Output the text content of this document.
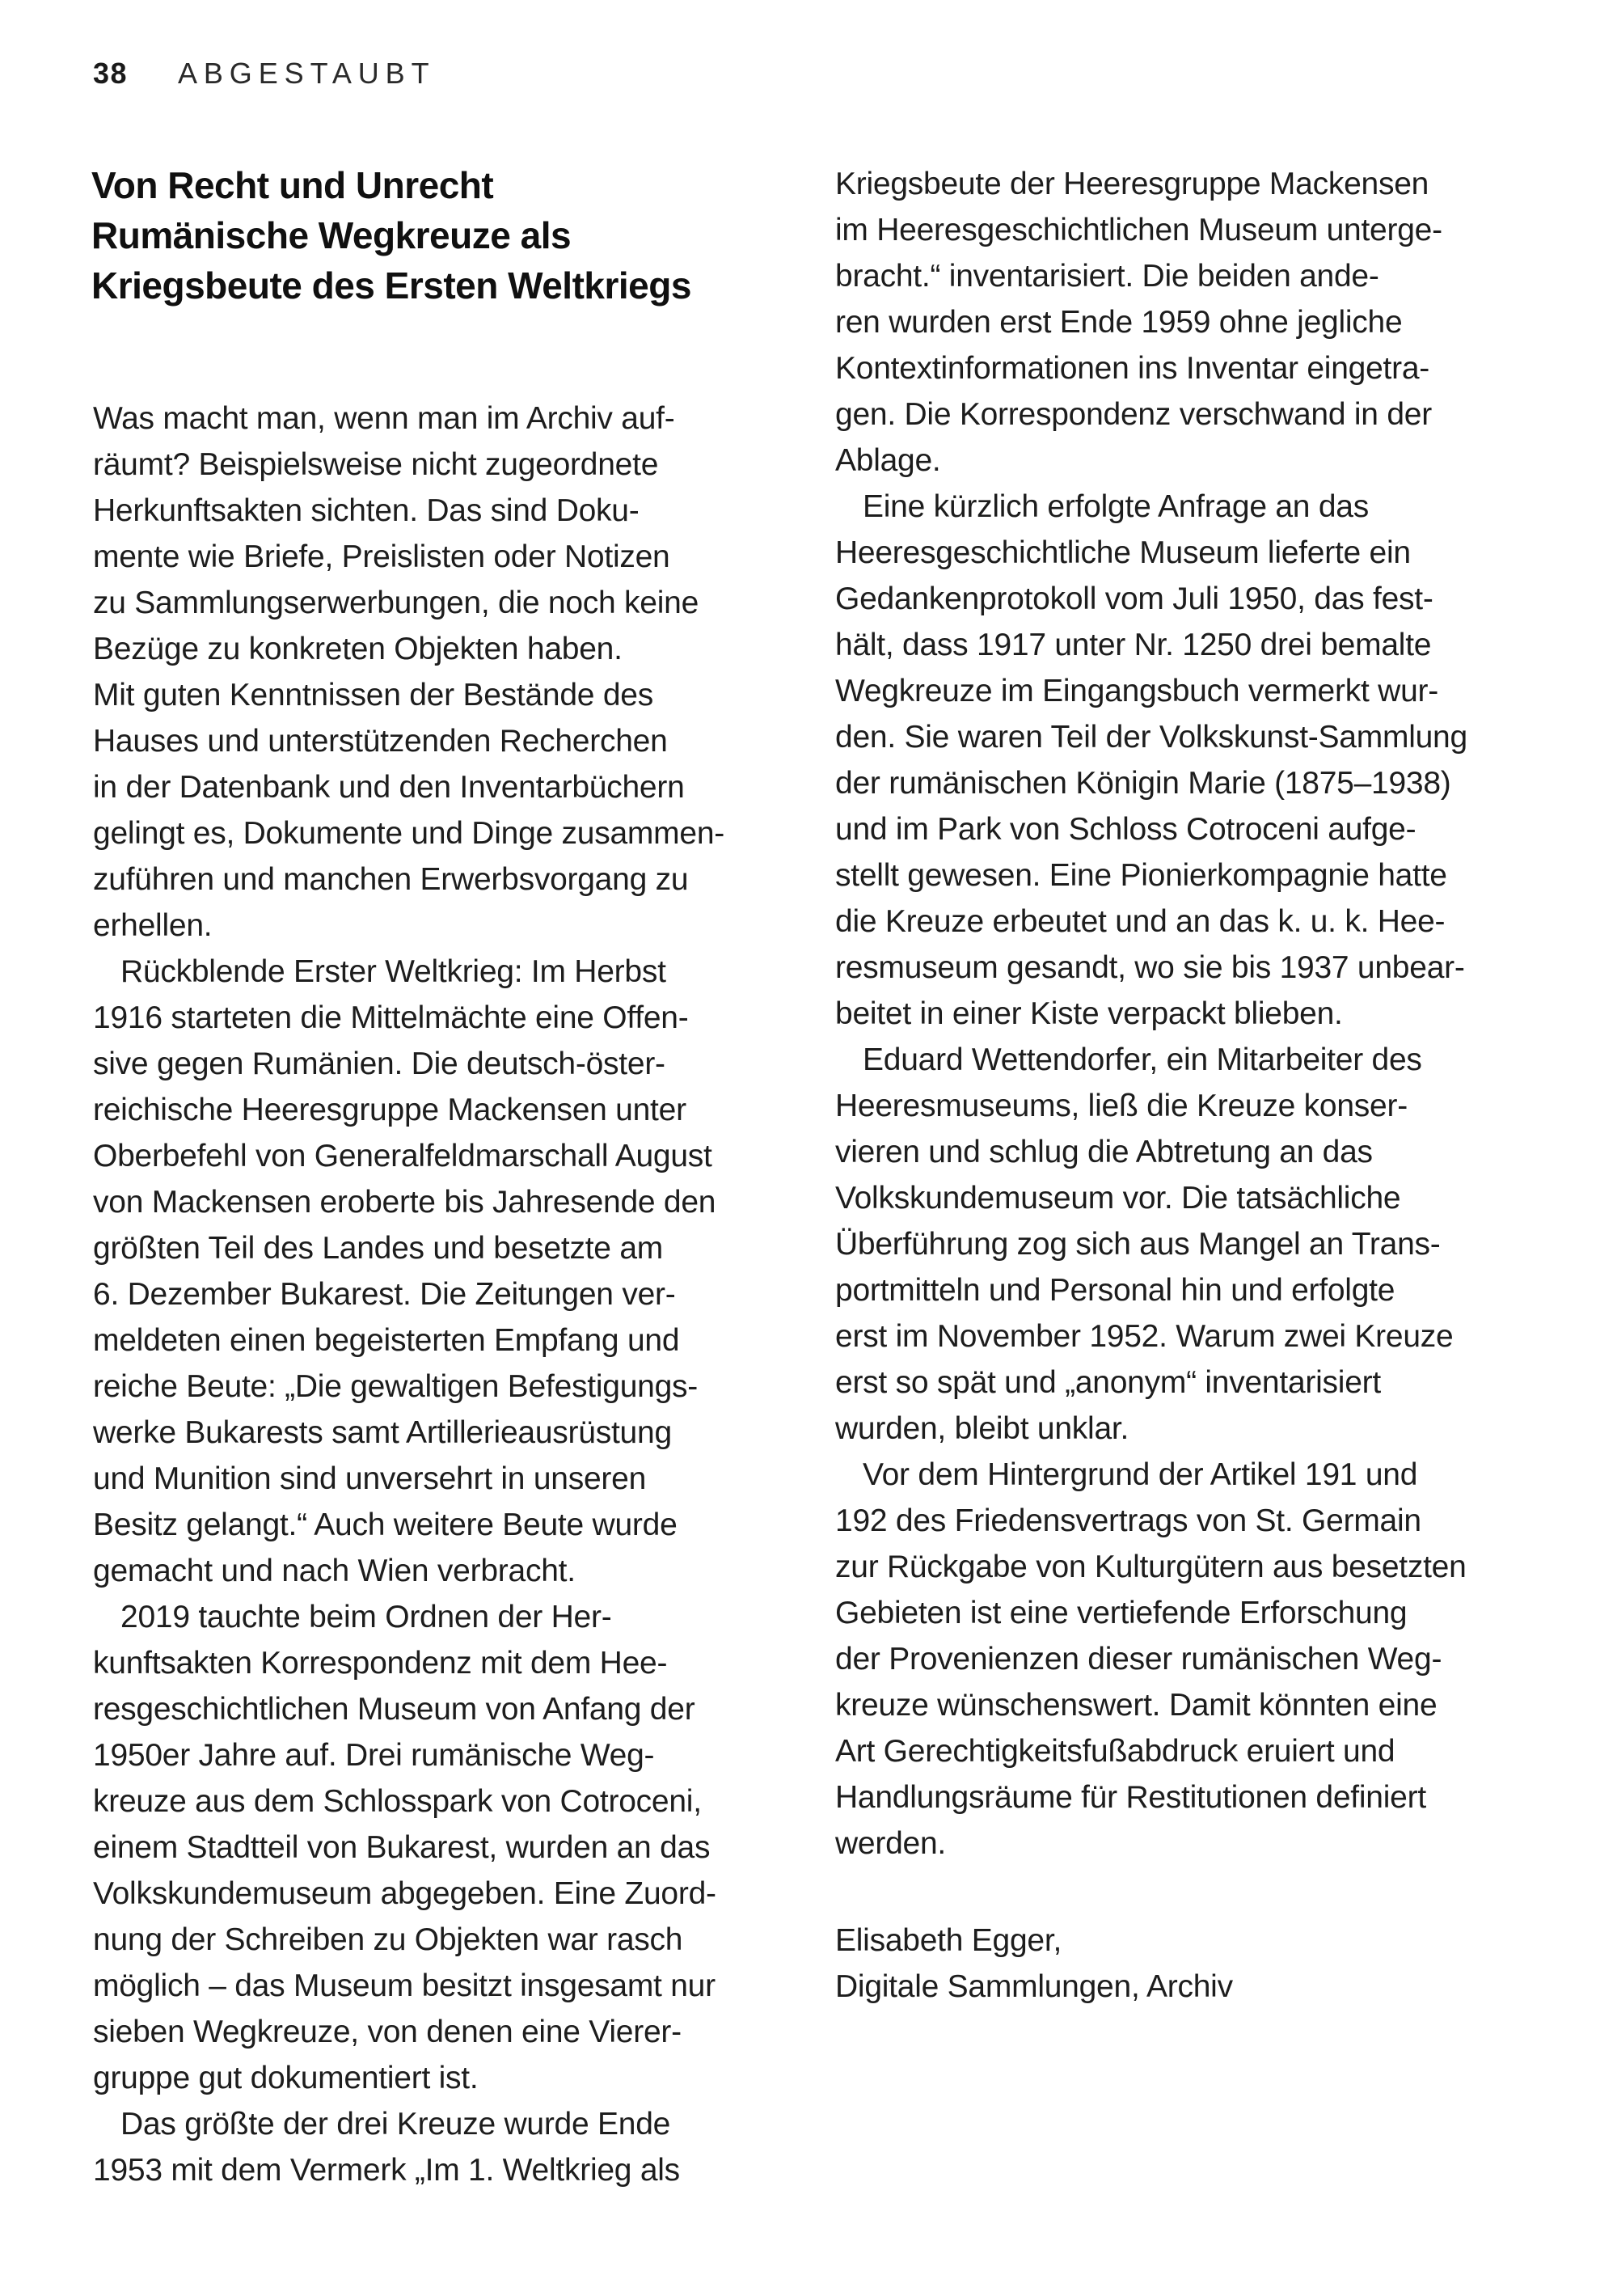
38 ABGESTAUBT
Von Recht und Unrecht
Rumänische Wegkreuze als
Kriegsbeute des Ersten Weltkriegs
Was macht man, wenn man im Archiv auf-
räumt? Beispielsweise nicht zugeordnete
Herkunftsakten sichten. Das sind Doku-
mente wie Briefe, Preislisten oder Notizen
zu Sammlungserwerbungen, die noch keine
Bezüge zu konkreten Objekten haben.
Mit guten Kenntnissen der Bestände des
Hauses und unterstützenden Recherchen
in der Datenbank und den Inventarbüchern
gelingt es, Dokumente und Dinge zusammen-
zuführen und manchen Erwerbsvorgang zu
erhellen.
Rückblende Erster Weltkrieg: Im Herbst
1916 starteten die Mittelmächte eine Offen-
sive gegen Rumänien. Die deutsch-öster-
reichische Heeresgruppe Mackensen unter
Oberbefehl von Generalfeldmarschall August
von Mackensen eroberte bis Jahresende den
größten Teil des Landes und besetzte am
6. Dezember Bukarest. Die Zeitungen ver-
meldeten einen begeisterten Empfang und
reiche Beute: „Die gewaltigen Befestigungs-
werke Bukarests samt Artillerieausrüstung
und Munition sind unversehrt in unseren
Besitz gelangt.“ Auch weitere Beute wurde
gemacht und nach Wien verbracht.
2019 tauchte beim Ordnen der Her-
kunftsakten Korrespondenz mit dem Hee-
resgeschichtlichen Museum von Anfang der
1950er Jahre auf. Drei rumänische Weg-
kreuze aus dem Schlosspark von Cotroceni,
einem Stadtteil von Bukarest, wurden an das
Volkskundemuseum abgegeben. Eine Zuord-
nung der Schreiben zu Objekten war rasch
möglich – das Museum besitzt insgesamt nur
sieben Wegkreuze, von denen eine Vierer-
gruppe gut dokumentiert ist.
Das größte der drei Kreuze wurde Ende
1953 mit dem Vermerk „Im 1. Weltkrieg als
Kriegsbeute der Heeresgruppe Mackensen
im Heeresgeschichtlichen Museum unterge-
bracht.“ inventarisiert. Die beiden ande-
ren wurden erst Ende 1959 ohne jegliche
Kontextinformationen ins Inventar eingetra-
gen. Die Korrespondenz verschwand in der
Ablage.
Eine kürzlich erfolgte Anfrage an das
Heeresgeschichtliche Museum lieferte ein
Gedankenprotokoll vom Juli 1950, das fest-
hält, dass 1917 unter Nr. 1250 drei bemalte
Wegkreuze im Eingangsbuch vermerkt wur-
den. Sie waren Teil der Volkskunst-Sammlung
der rumänischen Königin Marie (1875–1938)
und im Park von Schloss Cotroceni aufge-
stellt gewesen. Eine Pionierkompagnie hatte
die Kreuze erbeutet und an das k. u. k. Hee-
resmuseum gesandt, wo sie bis 1937 unbear-
beitet in einer Kiste verpackt blieben.
Eduard Wettendorfer, ein Mitarbeiter des
Heeresmuseums, ließ die Kreuze konser-
vieren und schlug die Abtretung an das
Volkskundemuseum vor. Die tatsächliche
Überführung zog sich aus Mangel an Trans-
portmitteln und Personal hin und erfolgte
erst im November 1952. Warum zwei Kreuze
erst so spät und „anonym“ inventarisiert
wurden, bleibt unklar.
Vor dem Hintergrund der Artikel 191 und
192 des Friedensvertrags von St. Germain
zur Rückgabe von Kulturgütern aus besetzten
Gebieten ist eine vertiefende Erforschung
der Provenienzen dieser rumänischen Weg-
kreuze wünschenswert. Damit könnten eine
Art Gerechtigkeitsfußabdruck eruiert und
Handlungsräume für Restitutionen definiert
werden.
Elisabeth Egger,
Digitale Sammlungen, Archiv
